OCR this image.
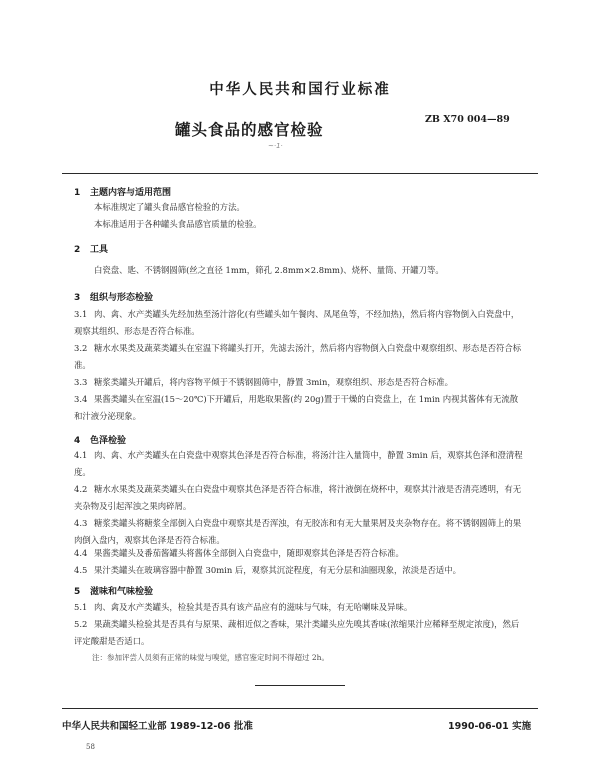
中华人民共和国行业标准
罐头食品的感官检验
ZB X70 004—89
~·1·
1 主题内容与适用范围
本标准规定了罐头食品感官检验的方法。
本标准适用于各种罐头食品感官质量的检验。
2 工具
白瓷盘、匙、不锈钢圆筛(丝之直径 1mm，筛孔 2.8mm×2.8mm)、烧杯、量筒、开罐刀等。
3 组织与形态检验
3.1 肉、禽、水产类罐头先经加热至汤汁溶化(有些罐头如午餐肉、凤尾鱼等，不经加热)，然后将内容物倒入白瓷盘中，观察其组织、形态是否符合标准。
3.2 糖水水果类及蔬菜类罐头在室温下将罐头打开，先滤去汤汁，然后将内容物倒入白瓷盘中观察组织、形态是否符合标准。
3.3 糖浆类罐头开罐后，将内容物平倾于不锈钢圆筛中，静置 3min，观察组织、形态是否符合标准。
3.4 果酱类罐头在室温(15～20℃)下开罐后，用匙取果酱(约 20g)置于干燥的白瓷盘上，在 1min 内视其酱体有无流散和汁液分泌现象。
4 色泽检验
4.1 肉、禽、水产类罐头在白瓷盘中观察其色泽是否符合标准，将汤汁注入量筒中，静置 3min 后，观察其色泽和澄清程度。
4.2 糖水水果类及蔬菜类罐头在白瓷盘中观察其色泽是否符合标准，将汁液倒在烧杯中，观察其汁液是否清亮透明，有无夹杂物及引起浑浊之果肉碎屑。
4.3 糖浆类罐头将糖浆全部倒入白瓷盘中观察其是否浑浊，有无胶冻和有无大量果屑及夹杂物存在。将不锈钢圆筛上的果肉倒入盘内，观察其色泽是否符合标准。
4.4 果酱类罐头及番茄酱罐头将酱体全部倒入白瓷盘中，随即观察其色泽是否符合标准。
4.5 果汁类罐头在玻璃容器中静置 30min 后，观察其沉淀程度，有无分层和油圈现象，浓淡是否适中。
5 滋味和气味检验
5.1 肉、禽及水产类罐头，检验其是否具有该产品应有的滋味与气味，有无哈喇味及异味。
5.2 果蔬类罐头检验其是否具有与原果、蔬相近似之香味，果汁类罐头应先嗅其香味(浓缩果汁应稀释至规定浓度)，然后评定酸甜是否适口。
注：参加评尝人员须有正常的味觉与嗅觉，感官鉴定时间不得超过 2h。
中华人民共和国轻工业部 1989-12-06 批准	1990-06-01 实施
58
